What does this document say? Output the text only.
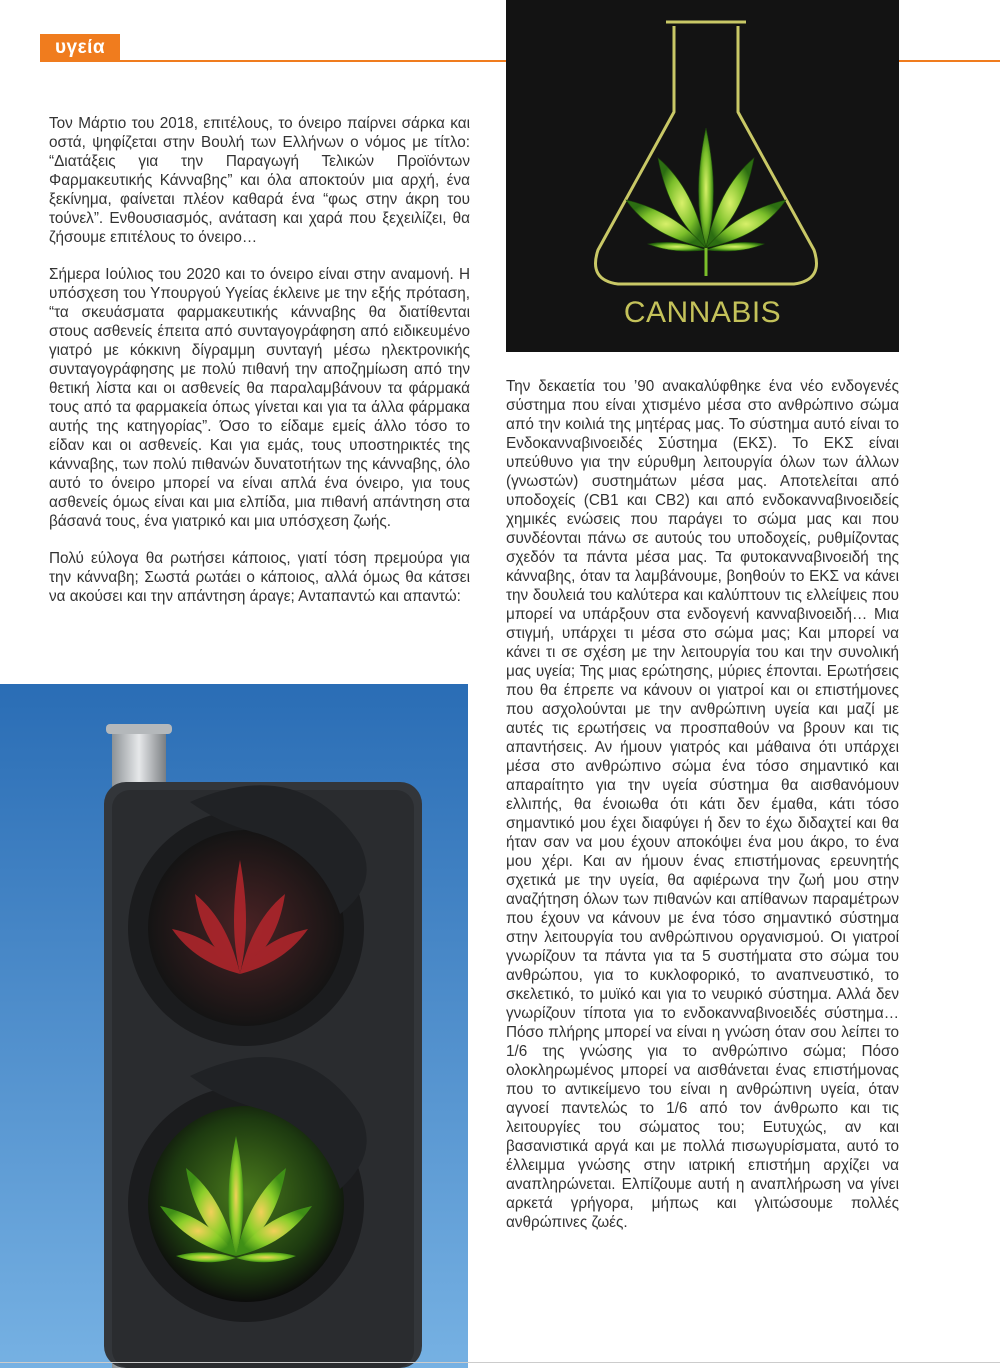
υγεία

Τον Μάρτιο του 2018, επιτέλους, το όνειρο παίρνει σάρκα και οστά, ψηφίζεται στην Βουλή των Ελλήνων ο νόμος με τίτλο: “Διατάξεις για την Παραγωγή Τελικών Προϊόντων Φαρμακευτικής Κάνναβης” και όλα αποκτούν μια αρχή, ένα ξεκίνημα, φαίνεται πλέον καθαρά ένα “φως στην άκρη του τούνελ”. Ενθουσιασμός, ανάταση και χαρά που ξεχειλίζει, θα ζήσουμε επιτέλους το όνειρο…

Σήμερα Ιούλιος του 2020 και το όνειρο είναι στην αναμονή. Η υπόσχεση του Υπουργού Υγείας έκλεινε με την εξής πρόταση, “τα σκευάσματα φαρμακευτικής κάνναβης θα διατίθενται στους ασθενείς έπειτα από συνταγογράφηση από ειδικευμένο γιατρό με κόκκινη δίγραμμη συνταγή μέσω ηλεκτρονικής συνταγογράφησης με πολύ πιθανή την αποζημίωση από την θετική λίστα και οι ασθενείς θα παραλαμβάνουν τα φάρμακά τους από τα φαρμακεία όπως γίνεται και για τα άλλα φάρμακα αυτής της κατηγορίας”. Όσο το είδαμε εμείς άλλο τόσο το είδαν και οι ασθενείς. Και για εμάς, τους υποστηρικτές της κάνναβης, των πολύ πιθανών δυνατοτήτων της κάνναβης, όλο αυτό το όνειρο μπορεί να είναι απλά ένα όνειρο, για τους ασθενείς όμως είναι και μια ελπίδα, μια πιθανή απάντηση στα βάσανά τους, ένα γιατρικό και μια υπόσχεση ζωής.

Πολύ εύλογα θα ρωτήσει κάποιος, γιατί τόση πρεμούρα για την κάνναβη; Σωστά ρωτάει ο κάποιος, αλλά όμως θα κάτσει να ακούσει και την απάντηση άραγε; Ανταπαντώ και απαντώ:

CANNABIS

Την δεκαετία του ’90 ανακαλύφθηκε ένα νέο ενδογενές σύστημα που είναι χτισμένο μέσα στο ανθρώπινο σώμα από την κοιλιά της μητέρας μας. Το σύστημα αυτό είναι το Ενδοκανναβινοειδές Σύστημα (ΕΚΣ). Το ΕΚΣ είναι υπεύθυνο για την εύρυθμη λειτουργία όλων των άλλων (γνωστών) συστημάτων μέσα μας. Αποτελείται από υποδοχείς (CB1 και CB2) και από ενδοκανναβινοειδείς χημικές ενώσεις που παράγει το σώμα μας και που συνδέονται πάνω σε αυτούς του υποδοχείς, ρυθμίζοντας σχεδόν τα πάντα μέσα μας. Τα φυτοκανναβινοειδή της κάνναβης, όταν τα λαμβάνουμε, βοηθούν το ΕΚΣ να κάνει την δουλειά του καλύτερα και καλύπτουν τις ελλείψεις που μπορεί να υπάρξουν στα ενδογενή κανναβινοειδή… Μια στιγμή, υπάρχει τι μέσα στο σώμα μας; Και μπορεί να κάνει τι σε σχέση με την λειτουργία του και την συνολική μας υγεία; Της μιας ερώτησης, μύριες έπονται. Ερωτήσεις που θα έπρεπε να κάνουν οι γιατροί και οι επιστήμονες που ασχολούνται με την ανθρώπινη υγεία και μαζί με αυτές τις ερωτήσεις να προσπαθούν να βρουν και τις απαντήσεις. Αν ήμουν γιατρός και μάθαινα ότι υπάρχει μέσα στο ανθρώπινο σώμα ένα τόσο σημαντικό και απαραίτητο για την υγεία σύστημα θα αισθανόμουν ελλιπής, θα ένοιωθα ότι κάτι δεν έμαθα, κάτι τόσο σημαντικό μου έχει διαφύγει ή δεν το έχω διδαχτεί και θα ήταν σαν να μου έχουν αποκόψει ένα μου άκρο, το ένα μου χέρι. Και αν ήμουν ένας επιστήμονας ερευνητής σχετικά με την υγεία, θα αφιέρωνα την ζωή μου στην αναζήτηση όλων των πιθανών και απίθανων παραμέτρων που έχουν να κάνουν με ένα τόσο σημαντικό σύστημα στην λειτουργία του ανθρώπινου οργανισμού. Οι γιατροί γνωρίζουν τα πάντα για τα 5 συστήματα στο σώμα του ανθρώπου, για το κυκλοφορικό, το αναπνευστικό, το σκελετικό, το μυϊκό και για το νευρικό σύστημα. Αλλά δεν γνωρίζουν τίποτα για το ενδοκανναβινοειδές σύστημα… Πόσο πλήρης μπορεί να είναι η γνώση όταν σου λείπει το 1/6 της γνώσης για το ανθρώπινο σώμα; Πόσο ολοκληρωμένος μπορεί να αισθάνεται ένας επιστήμονας που το αντικείμενο του είναι η ανθρώπινη υγεία, όταν αγνοεί παντελώς το 1/6 από τον άνθρωπο και τις λειτουργίες του σώματος του; Ευτυχώς, αν και βασανιστικά αργά και με πολλά πισωγυρίσματα, αυτό το έλλειμμα γνώσης στην ιατρική επιστήμη αρχίζει να αναπληρώνεται. Ελπίζουμε αυτή η αναπλήρωση να γίνει αρκετά γρήγορα, μήπως και γλιτώσουμε πολλές ανθρώπινες ζωές.
